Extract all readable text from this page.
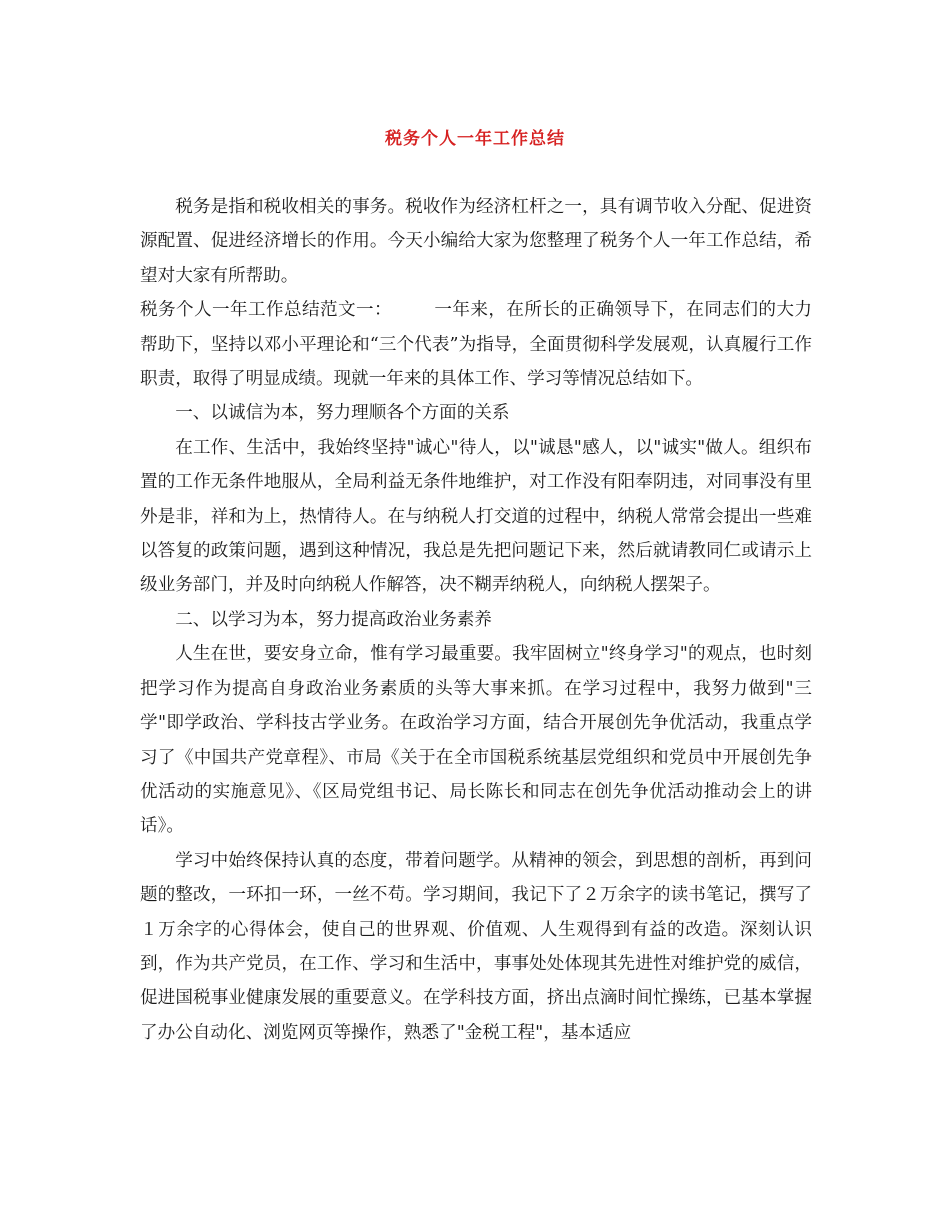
税务个人一年工作总结

税务是指和税收相关的事务。税收作为经济杠杆之一，具有调节收入分配、促进资源配置、促进经济增长的作用。今天小编给大家为您整理了税务个人一年工作总结，希望对大家有所帮助。

税务个人一年工作总结范文一： 一年来，在所长的正确领导下，在同志们的大力帮助下，坚持以邓小平理论和“三个代表”为指导，全面贯彻科学发展观，认真履行工作职责，取得了明显成绩。现就一年来的具体工作、学习等情况总结如下。

一、以诚信为本，努力理顺各个方面的关系

在工作、生活中，我始终坚持"诚心"待人，以"诚恳"感人，以"诚实"做人。组织布置的工作无条件地服从，全局利益无条件地维护，对工作没有阳奉阴违，对同事没有里外是非，祥和为上，热情待人。在与纳税人打交道的过程中，纳税人常常会提出一些难以答复的政策问题，遇到这种情况，我总是先把问题记下来，然后就请教同仁或请示上级业务部门，并及时向纳税人作解答，决不糊弄纳税人，向纳税人摆架子。

二、以学习为本，努力提高政治业务素养

人生在世，要安身立命，惟有学习最重要。我牢固树立"终身学习"的观点，也时刻把学习作为提高自身政治业务素质的头等大事来抓。在学习过程中，我努力做到"三学"即学政治、学科技古学业务。在政治学习方面，结合开展创先争优活动，我重点学习了《中国共产党章程》、市局《关于在全市国税系统基层党组织和党员中开展创先争优活动的实施意见》、《区局党组书记、局长陈长和同志在创先争优活动推动会上的讲话》。

学习中始终保持认真的态度，带着问题学。从精神的领会，到思想的剖析，再到问题的整改，一环扣一环，一丝不苟。学习期间，我记下了２万余字的读书笔记，撰写了１万余字的心得体会，使自己的世界观、价值观、人生观得到有益的改造。深刻认识到，作为共产党员，在工作、学习和生活中，事事处处体现其先进性对维护党的威信，促进国税事业健康发展的重要意义。在学科技方面，挤出点滴时间忙操练，已基本掌握了办公自动化、浏览网页等操作，熟悉了"金税工程"，基本适应
